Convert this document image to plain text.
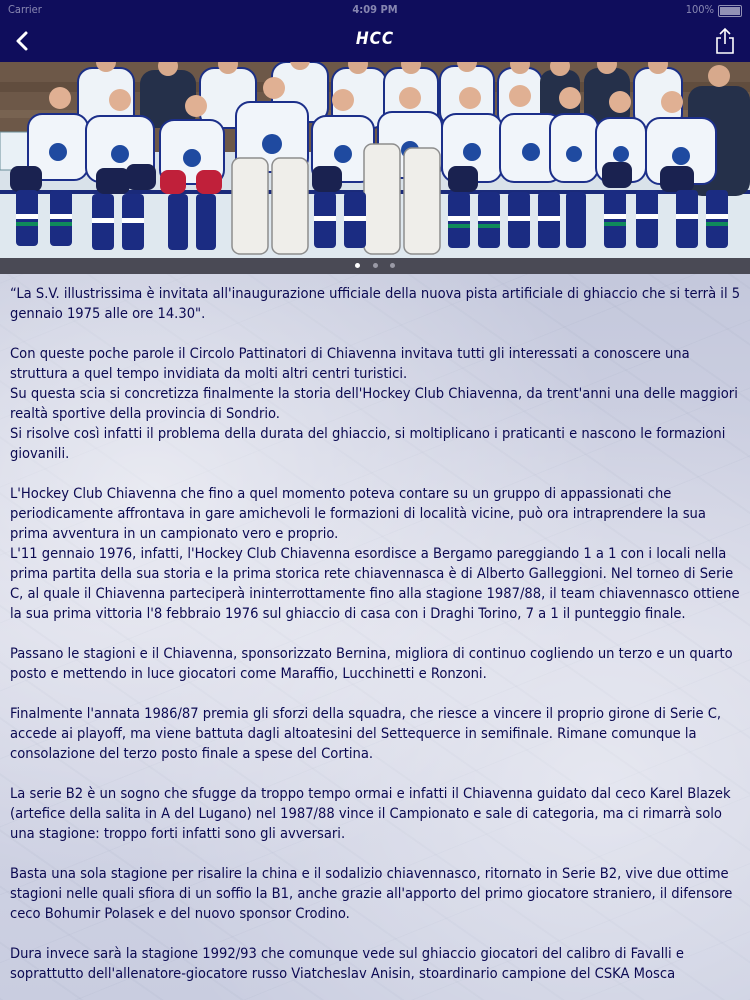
Carrier	4:09 PM	100%
HCC

“La S.V. illustrissima è invitata all'inaugurazione ufficiale della nuova pista artificiale di ghiaccio che si terrà il 5 gennaio 1975 alle ore 14.30".

Con queste poche parole il Circolo Pattinatori di Chiavenna invitava tutti gli interessati a conoscere una struttura a quel tempo invidiata da molti altri centri turistici.
Su questa scia si concretizza finalmente la storia dell'Hockey Club Chiavenna, da trent'anni una delle maggiori realtà sportive della provincia di Sondrio.
Si risolve così infatti il problema della durata del ghiaccio, si moltiplicano i praticanti e nascono le formazioni giovanili.

L'Hockey Club Chiavenna che fino a quel momento poteva contare su un gruppo di appassionati che periodicamente affrontava in gare amichevoli le formazioni di località vicine, può ora intraprendere la sua prima avventura in un campionato vero e proprio.
L'11 gennaio 1976, infatti, l'Hockey Club Chiavenna esordisce a Bergamo pareggiando 1 a 1 con i locali nella prima partita della sua storia e la prima storica rete chiavennasca è di Alberto Galleggioni. Nel torneo di Serie C, al quale il Chiavenna parteciperà ininterrottamente fino alla stagione 1987/88, il team chiavennasco ottiene la sua prima vittoria l'8 febbraio 1976 sul ghiaccio di casa con i Draghi Torino, 7 a 1 il punteggio finale.

Passano le stagioni e il Chiavenna, sponsorizzato Bernina, migliora di continuo cogliendo un terzo e un quarto posto e mettendo in luce giocatori come Maraffio, Lucchinetti e Ronzoni.

Finalmente l'annata 1986/87 premia gli sforzi della squadra, che riesce a vincere il proprio girone di Serie C, accede ai playoff, ma viene battuta dagli altoatesini del Settequerce in semifinale. Rimane comunque la consolazione del terzo posto finale a spese del Cortina.

La serie B2 è un sogno che sfugge da troppo tempo ormai e infatti il Chiavenna guidato dal ceco Karel Blazek (artefice della salita in A del Lugano) nel 1987/88 vince il Campionato e sale di categoria, ma ci rimarrà solo una stagione: troppo forti infatti sono gli avversari.

Basta una sola stagione per risalire la china e il sodalizio chiavennasco, ritornato in Serie B2, vive due ottime stagioni nelle quali sfiora di un soffio la B1, anche grazie all'apporto del primo giocatore straniero, il difensore ceco Bohumir Polasek e del nuovo sponsor Crodino.

Dura invece sarà la stagione 1992/93 che comunque vede sul ghiaccio giocatori del calibro di Favalli e soprattutto dell'allenatore-giocatore russo Viatcheslav Anisin, stoardinario campione del CSKA Mosca
